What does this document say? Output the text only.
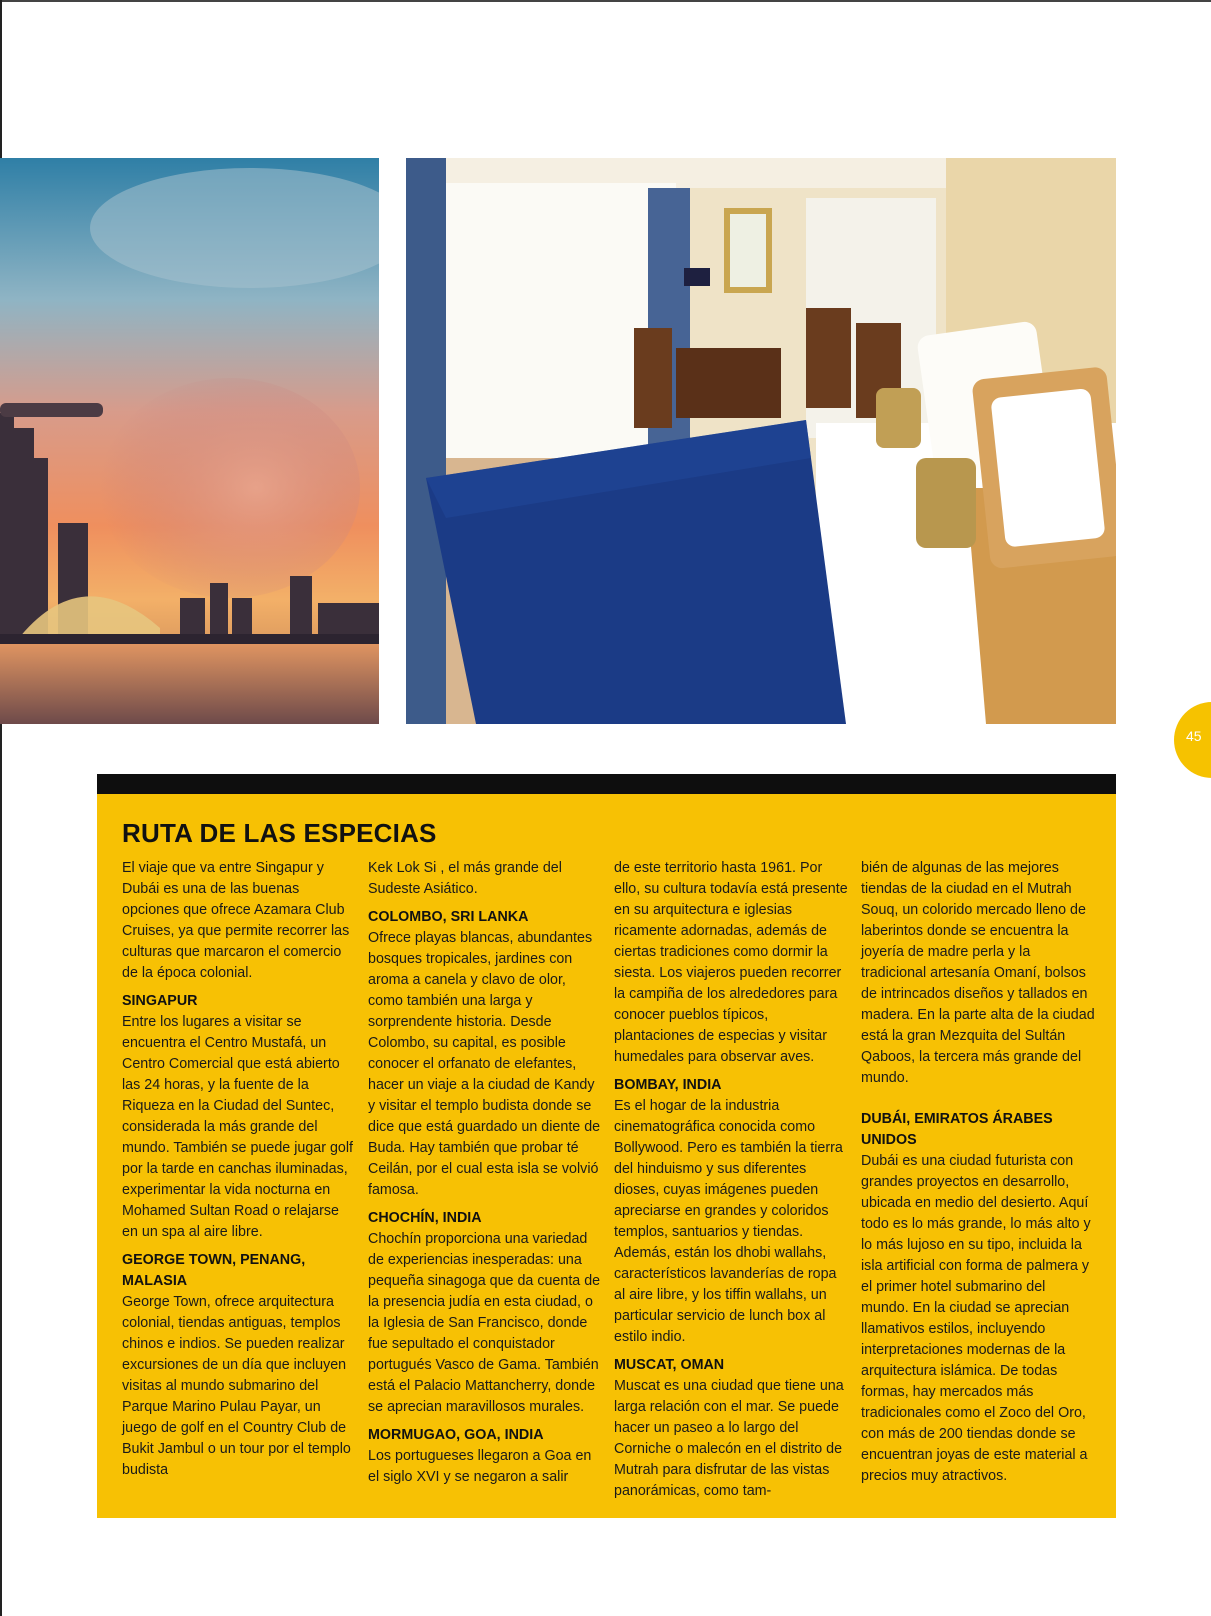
45
RUTA DE LAS ESPECIAS

El viaje que va entre Singapur y Dubái es una de las buenas opciones que ofrece Azamara Club Cruises, ya que permite recorrer las culturas que marcaron el comercio de la época colonial.

SINGAPUR

Entre los lugares a visitar se encuentra el Centro Mustafá, un Centro Comercial que está abierto las 24 horas, y la fuente de la Riqueza en la Ciudad del Suntec, considerada la más grande del mundo. También se puede jugar golf por la tarde en canchas iluminadas, experimentar la vida nocturna en Mohamed Sultan Road o relajarse en un spa al aire libre.

GEORGE TOWN, PENANG, MALASIA

George Town, ofrece arquitectura colonial, tiendas antiguas, templos chinos e indios. Se pueden realizar excursiones de un día que incluyen visitas al mundo submarino del Parque Marino Pulau Payar, un juego de golf en el Country Club de Bukit Jambul o un tour por el templo budista

Kek Lok Si , el más grande del Sudeste Asiático.

COLOMBO, SRI LANKA

Ofrece playas blancas, abundantes bosques tropicales, jardines con aroma a canela y clavo de olor, como también una larga y sorprendente historia. Desde Colombo, su capital, es posible conocer el orfanato de elefantes, hacer un viaje a la ciudad de Kandy y visitar el templo budista donde se dice que está guardado un diente de Buda. Hay también que probar té Ceilán, por el cual esta isla se volvió famosa.

CHOCHÍN, INDIA

Chochín proporciona una variedad de experiencias inesperadas: una pequeña sinagoga que da cuenta de la presencia judía en esta ciudad, o la Iglesia de San Francisco, donde fue sepultado el conquistador portugués Vasco de Gama. También está el Palacio Mattancherry, donde se aprecian maravillosos murales.

MORMUGAO, GOA, INDIA

Los portugueses llegaron a Goa en el siglo XVI y se negaron a salir

de este territorio hasta 1961. Por ello, su cultura todavía está presente en su arquitectura e iglesias ricamente adornadas, además de ciertas tradiciones como dormir la siesta. Los viajeros pueden recorrer la campiña de los alrededores para conocer pueblos típicos, plantaciones de especias y visitar humedales para observar aves.

BOMBAY, INDIA

Es el hogar de la industria cinematográfica conocida como Bollywood. Pero es también la tierra del hinduismo y sus diferentes dioses, cuyas imágenes pueden apreciarse en grandes y coloridos templos, santuarios y tiendas. Además, están los dhobi wallahs, característicos lavanderías de ropa al aire libre, y los tiffin wallahs, un particular servicio de lunch box al estilo indio.

MUSCAT, OMAN

Muscat es una ciudad que tiene una larga relación con el mar. Se puede hacer un paseo a lo largo del Corniche o malecón en el distrito de Mutrah para disfrutar de las vistas panorámicas, como tam-

bién de algunas de las mejores tiendas de la ciudad en el Mutrah Souq, un colorido mercado lleno de laberintos donde se encuentra la joyería de madre perla y la tradicional artesanía Omaní, bolsos de intrincados diseños y tallados en madera. En la parte alta de la ciudad está la gran Mezquita del Sultán Qaboos, la tercera más grande del mundo.

DUBÁI, EMIRATOS ÁRABES UNIDOS

Dubái es una ciudad futurista con grandes proyectos en desarrollo, ubicada en medio del desierto. Aquí todo es lo más grande, lo más alto y lo más lujoso en su tipo, incluida la isla artificial con forma de palmera y el primer hotel submarino del mundo. En la ciudad se aprecian llamativos estilos, incluyendo interpretaciones modernas de la arquitectura islámica. De todas formas, hay mercados más tradicionales como el Zoco del Oro, con más de 200 tiendas donde se encuentran joyas de este material a precios muy atractivos.
